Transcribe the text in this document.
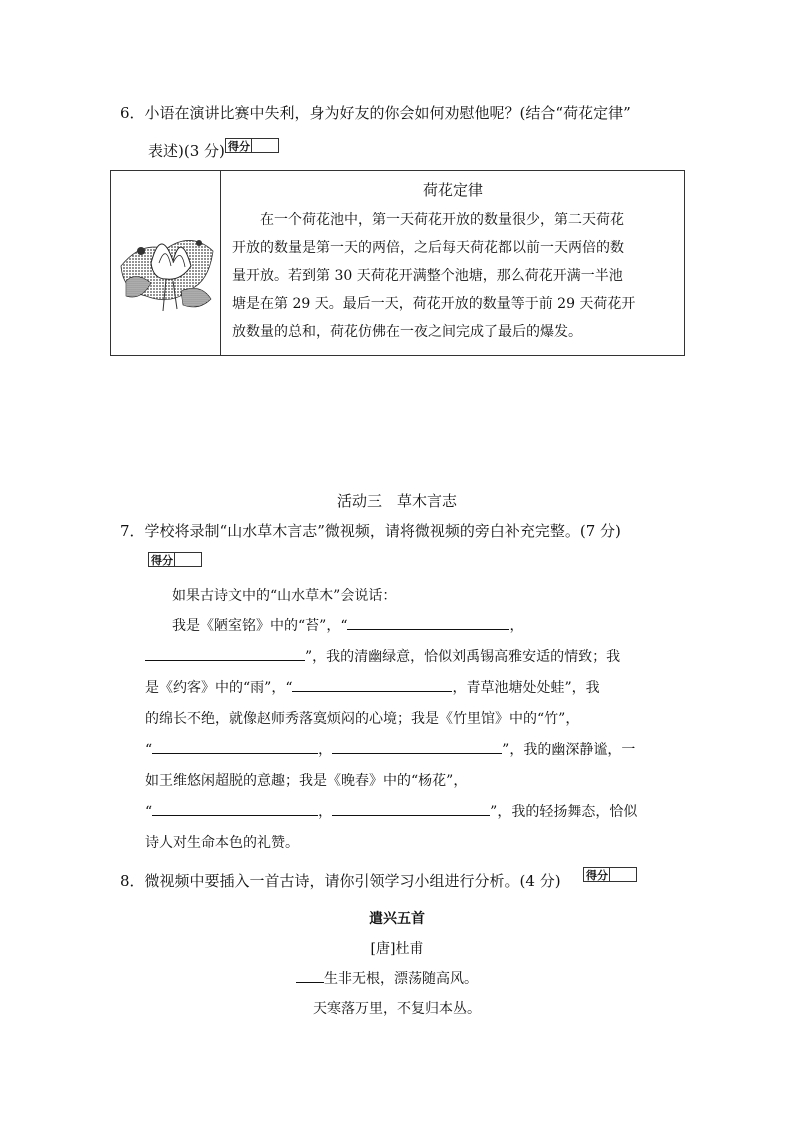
6．小语在演讲比赛中失利，身为好友的你会如何劝慰他呢？(结合“荷花定律”
表述)(3 分) 得分
荷花定律
在一个荷花池中，第一天荷花开放的数量很少，第二天荷花
开放的数量是第一天的两倍，之后每天荷花都以前一天两倍的数
量开放。若到第 30 天荷花开满整个池塘，那么荷花开满一半池
塘是在第 29 天。最后一天，荷花开放的数量等于前 29 天荷花开
放数量的总和，荷花仿佛在一夜之间完成了最后的爆发。
活动三　草木言志
7．学校将录制“山水草木言志”微视频，请将微视频的旁白补充完整。(7 分)
得分
如果古诗文中的“山水草木”会说话：
我是《陋室铭》中的“苔”，“	，
”，我的清幽绿意，恰似刘禹锡高雅安适的情致；我
是《约客》中的“雨”，“	，青草池塘处处蛙”，我
的绵长不绝，就像赵师秀落寞烦闷的心境；我是《竹里馆》中的“竹”，
“	，	”，我的幽深静谧，一
如王维悠闲超脱的意趣；我是《晚春》中的“杨花”，
“	，	”，我的轻扬舞态，恰似
诗人对生命本色的礼赞。
8．微视频中要插入一首古诗，请你引领学习小组进行分析。(4 分) 得分
遣兴五首
[唐]杜甫
生非无根，漂荡随高风。
天寒落万里，不复归本丛。
